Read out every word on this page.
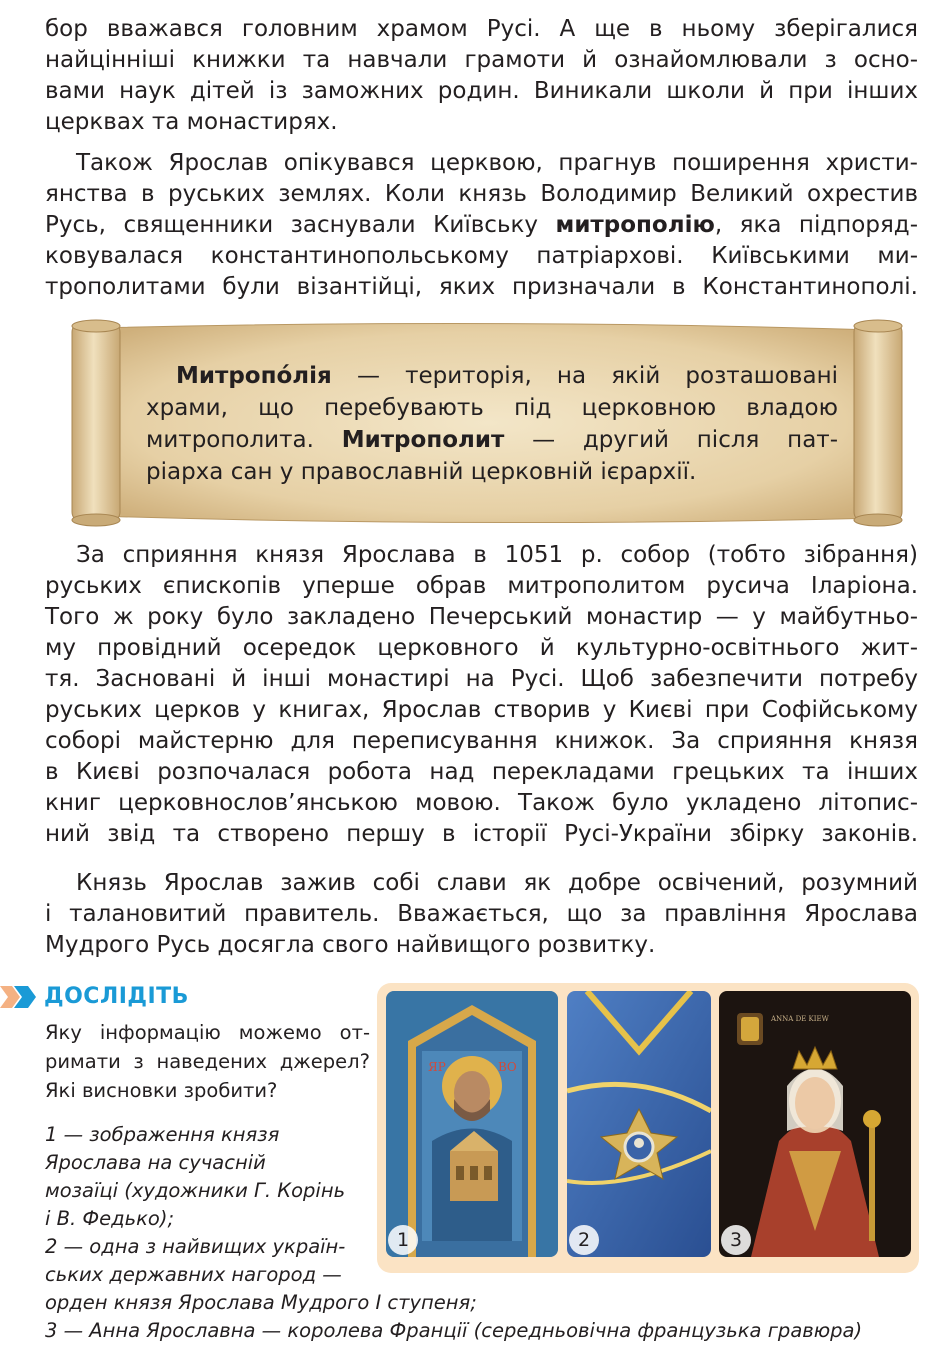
бор вважався головним храмом Русі. А ще в ньому зберігалися
найцінніші книжки та навчали грамоти й ознайомлювали з осно-
вами наук дітей із заможних родин. Виникали школи й при інших
церквах та монастирях.
Також Ярослав опікувався церквою, прагнув поширення христи-
янства в руських землях. Коли князь Володимир Великий охрестив
Русь, священники заснували Київську митрополію, яка підпоряд-
ковувалася константинопольському патріархові. Київськими ми-
трополитами були візантійці, яких призначали в Константинополі.
Митропо́лія — територія, на якій розташовані
храми, що перебувають під церковною владою
митрополита. Митрополит — другий після пат-
ріарха сан у православній церковній ієрархії.
За сприяння князя Ярослава в 1051 р. собор (тобто зібрання)
руських єпископів уперше обрав митрополитом русича Іларіона.
Того ж року було закладено Печерський монастир — у майбутньо-
му провідний осередок церковного й культурно-освітнього жит-
тя. Засновані й інші монастирі на Русі. Щоб забезпечити потребу
руських церков у книгах, Ярослав створив у Києві при Софійському
соборі майстерню для переписування книжок. За сприяння князя
в Києві розпочалася робота над перекладами грецьких та інших
книг церковнослов’янською мовою. Також було укладено літопис-
ний звід та створено першу в історії Русі-України збірку законів.
Князь Ярослав зажив собі слави як добре освічений, розумний
і талановитий правитель. Вважається, що за правління Ярослава
Мудрого Русь досягла свого найвищого розвитку.
ДОСЛІДІТЬ
Яку інформацію можемо от-
римати з наведених джерел?
Які висновки зробити?
1 — зображення князя
Ярослава на сучасній
мозаїці (художники Г. Корінь
і В. Федько);
2 — одна з найвищих україн-
ських державних нагород —
орден князя Ярослава Мудрого І ступеня;
3 — Анна Ярославна — королева Франції (середньовічна французька гравюра)
ЯР	ВО
1	2
ANNA DE KIEW
3
